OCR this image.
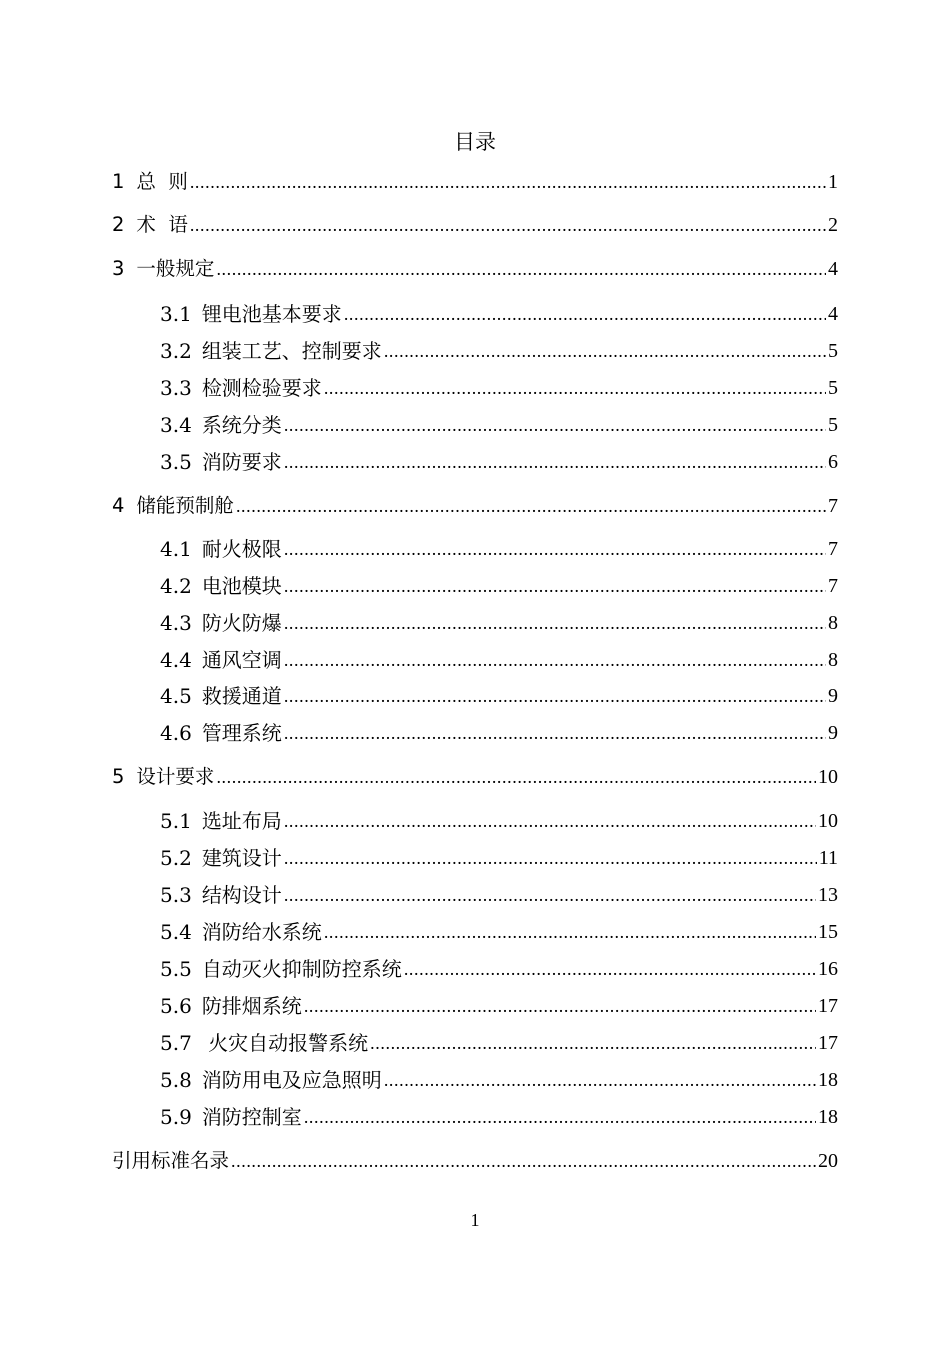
目录
1 总  则 .....	1
2 术  语 .....	2
3 一般规定 .....	4
3.1 锂电池基本要求 .....	4
3.2 组装工艺、控制要求 .....	5
3.3 检测检验要求 .....	5
3.4 系统分类 .....	5
3.5 消防要求 .....	6
4 储能预制舱 .....	7
4.1 耐火极限 .....	7
4.2 电池模块 .....	7
4.3 防火防爆 .....	8
4.4 通风空调 .....	8
4.5 救援通道 .....	9
4.6 管理系统 .....	9
5 设计要求 .....	10
5.1 选址布局 .....	10
5.2 建筑设计 .....	11
5.3 结构设计 .....	13
5.4 消防给水系统 .....	15
5.5 自动灭火抑制防控系统 .....	16
5.6 防排烟系统 .....	17
5.7 火灾自动报警系统 .....	17
5.8 消防用电及应急照明 .....	18
5.9 消防控制室 .....	18
引用标准名录 .....	20
1
